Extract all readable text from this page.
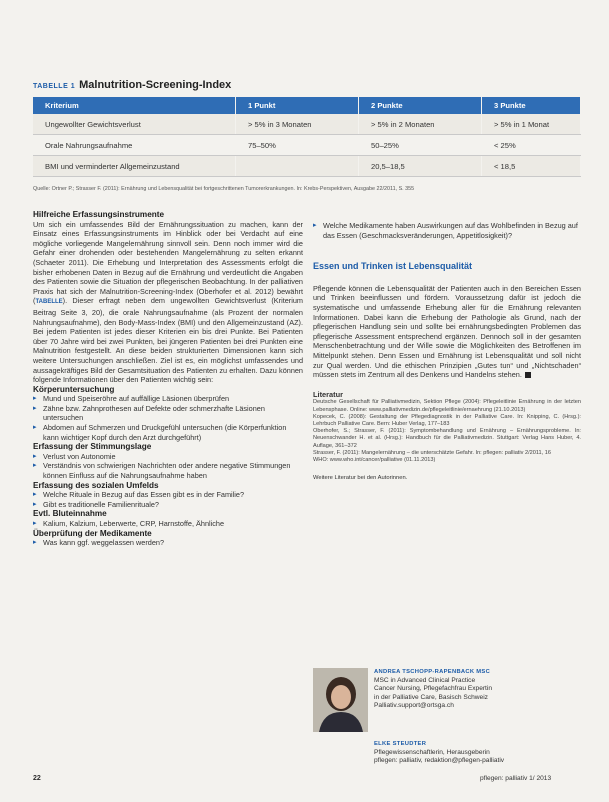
TABELLE 1 Malnutrition-Screening-Index
Kriterium	1 Punkt	2 Punkte	3 Punkte
Ungewollter Gewichtsverlust	> 5% in 3 Monaten	> 5% in 2 Monaten	> 5% in 1 Monat
Orale Nahrungsaufnahme	75–50%	50–25%	< 25%
BMI und verminderter Allgemeinzustand		20,5–18,5	< 18,5
Quelle: Ortner P.; Strasser F. (2011): Ernährung und Lebensqualität bei fortgeschrittenen Tumorerkrankungen. In: Krebs-Perspektiven, Ausgabe 22/2011, S. 355
Hilfreiche Erfassungsinstrumente

Um sich ein umfassendes Bild der Ernährungssituation zu machen, kann der Einsatz eines Erfassungsinstruments im Hinblick oder bei Verdacht auf eine mögliche vorliegende Mangelernährung sinnvoll sein. Denn noch immer wird die Gefahr einer drohenden oder bestehenden Mangelernährung zu selten erkannt (Schaeter 2011). Die Erhebung und Interpretation des Assessments erfolgt die bisher erhobenen Daten in Bezug auf die Ernährung und verdeutlicht die Angaben des Patienten sowie die Situation der pflegerischen Beobachtung. In der palliativen Praxis hat sich der Malnutrition-Screening-Index (Oberhofer et al. 2012) bewährt (TABELLE). Dieser erfragt neben dem ungewollten Gewichtsverlust (Kriterium Beitrag Seite 3, 20), die orale Nahrungsaufnahme (als Prozent der normalen Nahrungsaufnahme), den Body-Mass-Index (BMI) und den Allgemeinzustand (AZ). Bei jedem Patienten ist jedes dieser Kriterien ein bis drei Punkte. Bei Patienten über 70 Jahre wird bei zwei Punkten, bei jüngeren Patienten bei drei Punkten eine Malnutrition festgestellt. An diese beiden strukturierten Dimensionen kann sich weitere Untersuchungen anschließen. Ziel ist es, ein möglichst umfassendes und aussagekräftiges Bild der Gesamtsituation des Patienten zu erhalten. Dazu können folgende Informationen über den Patienten wichtig sein:

Körperuntersuchung
▸ Mund und Speiseröhre auf auffällige Läsionen überprüfen
▸ Zähne bzw. Zahnprothesen auf Defekte oder schmerzhafte Läsionen untersuchen
▸ Abdomen auf Schmerzen und Druckgefühl untersuchen (die Körperfunktion kann wichtiger Kopf durch den Arzt durchgeführt)
Erfassung der Stimmungslage
▸ Verlust von Autonomie
▸ Verständnis von schwierigen Nachrichten oder andere negative Stimmungen können Einfluss auf die Nahrungsaufnahme haben
Erfassung des sozialen Umfelds
▸ Welche Rituale in Bezug auf das Essen gibt es in der Familie?
▸ Gibt es traditionelle Familienrituale?
Evtl. Bluteinnahme
▸ Kalium, Kalzium, Leberwerte, CRP, Harnstoffe, Ähnliche
Überprüfung der Medikamente
▸ Was kann ggf. weggelassen werden?
▸ Welche Medikamente haben Auswirkungen auf das Wohlbefinden in Bezug auf das Essen (Geschmacksveränderungen, Appetitlosigkeit)?
Essen und Trinken ist Lebensqualität

Pflegende können die Lebensqualität der Patienten auch in den Bereichen Essen und Trinken beeinflussen und fördern. Voraussetzung dafür ist jedoch die systematische und umfassende Erhebung aller für die Ernährung relevanten Informationen. Dabei kann die Erhebung der Pathologie als Grund, nach der pflegerischen Handlung sein und sollte bei ernährungsbedingten Problemen das pflegerische Assessment entsprechend ergänzen. Dennoch soll in der gesamten Menschenbetrachtung und der Wille sowie die Möglichkeiten des Betroffenen im Mittelpunkt stehen. Denn Essen und Ernährung ist Lebensqualität und soll nicht zur Qual werden. Und die ethischen Prinzipien „Gutes tun“ und „Nichtschaden“ müssen stets im Zentrum all des Denkens und Handelns stehen.

Literatur

Deutsche Gesellschaft für Palliativmedizin, Sektion Pflege (2004): Pflegeleitlinie Ernährung in der letzten Lebensphase. Online: www.palliativmedizin.de/pflegeleitlinie/ernaehrung (21.10.2013)

Kopecek, C. (2008): Gestaltung der Pflegediagnostik in der Palliative Care. In: Knipping, C. (Hrsg.): Lehrbuch Palliative Care. Bern: Huber Verlag, 177–183

Oberhofer, S.; Strasser, F. (2011): Symptombehandlung und Ernährung – Ernährungsprobleme. In: Neuenschwander H. et al. (Hrsg.): Handbuch für die Palliativmedizin. Stuttgart: Verlag Hans Huber, 4. Auflage, 361–372

Strasser, F. (2011): Mangelernährung – die unterschätzte Gefahr. In: pflegen: palliativ 2/2011, 16

WHO: www.who.int/cancer/palliative (01.11.2013)

Weitere Literatur bei den Autorinnen.
ANDREA TSCHOPP-RAPENBACK MSC
MSC in Advanced Clinical Practice
Cancer Nursing, Pflegefachfrau Expertin
in der Palliative Care, Basisch Schweiz
Palliativ.support@ortsga.ch
ELKE STEUDTER
Pflegewissenschaftlerin, Herausgeberin
pflegen: palliativ, redaktion@pflegen-palliativ
22	pflegen: palliativ 1/ 2013
